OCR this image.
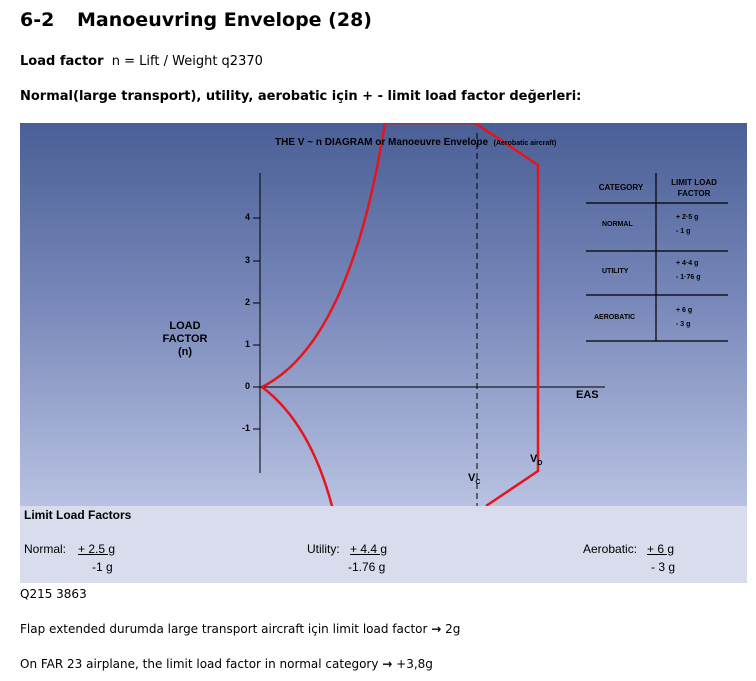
6-2 Manoeuvring Envelope (28)
Load factor n = Lift / Weight q2370
Normal(large transport), utility, aerobatic için + - limit load factor değerleri:
THE V ~ n DIAGRAM or Manoeuvre Envelope (Aerobatic aircraft)
LOAD FACTOR (n)
4
3
2
1
0
-1
EAS
$V_C$
$V_D$
CATEGORY
LIMIT LOAD FACTOR
NORMAL
+ 2·5 g
- 1 g
UTILITY
+ 4·4 g
- 1·76 g
AEROBATIC
+ 6 g
- 3 g
Limit Load Factors
Normal: + 2.5 g
-1 g
Utility: + 4.4 g
-1.76 g
Aerobatic: + 6 g
- 3 g
Q215 3863
Flap extended durumda large transport aircraft için limit load factor → 2g
On FAR 23 airplane, the limit load factor in normal category → +3,8g
